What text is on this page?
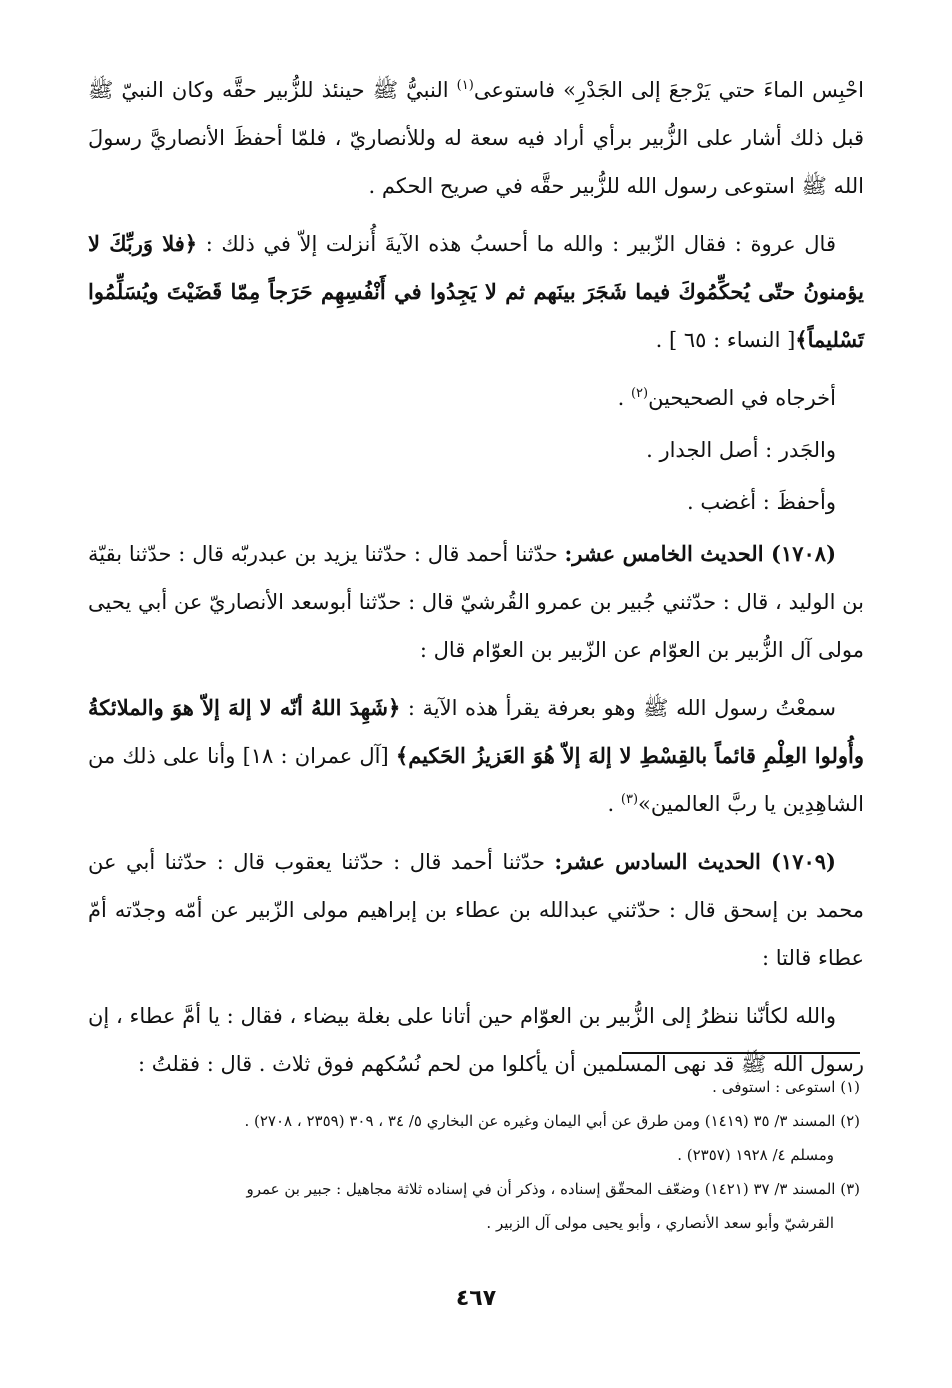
احْبِس الماءَ حتي يَرْجعَ إلى الجَدْرِ» فاستوعى$^{(١)}$ النبيُّ ﷺ حينئذ للزُّبير حقَّه وكان النبيّ ﷺ قبل ذلك أشار على الزُّبير برأي أراد فيه سعة له وللأنصاريّ ، فلمّا أحفظَ الأنصاريَّ رسولَ الله ﷺ استوعى رسول الله للزُّبير حقَّه في صريح الحكم .

قال عروة : فقال الزّبير : والله ما أحسبُ هذه الآيةَ أُنزلت إلاّ في ذلك : ﴿فلا وَربِّكَ لا يؤمنونُ حتّى يُحكِّمُوكَ فيما شَجَرَ بينَهم ثم لا يَجِدُوا في أَنْفُسِهِم حَرَجاً مِمّا قَضَيْتَ ويُسَلِّمُوا تَسْليماً﴾[ النساء : ٦٥ ] .

أخرجاه في الصحيحين$^{(٢)}$ .

والجَدر : أصل الجدار .

وأحفظَ : أغضب .

(١٧٠٨) الحديث الخامس عشر: حدّثنا أحمد قال : حدّثنا يزيد بن عبدربّه قال : حدّثنا بقيّة بن الوليد ، قال : حدّثني جُبير بن عمرو القُرشيّ قال : حدّثنا أبوسعد الأنصاريّ عن أبي يحيى مولى آل الزُّبير بن العوّام عن الزّبير بن العوّام قال :

سمعْتُ رسول الله ﷺ وهو بعرفة يقرأ هذه الآية : ﴿شَهِدَ اللهُ أنّه لا إلهَ إلاّ هوَ والملائكةُ وأُولوا العِلْمِ قائماً بالقِسْطِ لا إلهَ إلاّ هُوَ العَزيزُ الحَكيم﴾ [آل عمران : ١٨] وأنا على ذلك من الشاهِدِين يا ربَّ العالمين»$^{(٣)}$ .

(١٧٠٩) الحديث السادس عشر: حدّثنا أحمد قال : حدّثنا يعقوب قال : حدّثنا أبي عن محمد بن إسحق قال : حدّثني عبدالله بن عطاء بن إبراهيم مولى الزّبير عن أمّه وجدّته أمّ عطاء قالتا :

والله لكأنّنا ننظرُ إلى الزُّبير بن العوّام حين أتانا على بغلة بيضاء ، فقال : يا أمَّ عطاء ، إن رسول الله ﷺ قد نهى المسلمين أن يأكلوا من لحم نُسُكهم فوق ثلاث . قال : فقلتُ :

(١) استوعى : استوفى .

(٢) المسند ٣/ ٣٥ (١٤١٩) ومن طرق عن أبي اليمان وغيره عن البخاري ٥/ ٣٤ ، ٣٠٩ (٢٣٥٩ ، ٢٧٠٨) .

ومسلم ٤/ ١٩٢٨ (٢٣٥٧) .

(٣) المسند ٣/ ٣٧ (١٤٢١) وضعّف المحقّق إسناده ، وذكر أن في إسناده ثلاثة مجاهيل : جبير بن عمرو

القرشيّ وأبو سعد الأنصاري ، وأبو يحيى مولى آل الزبير .

٤٦٧
